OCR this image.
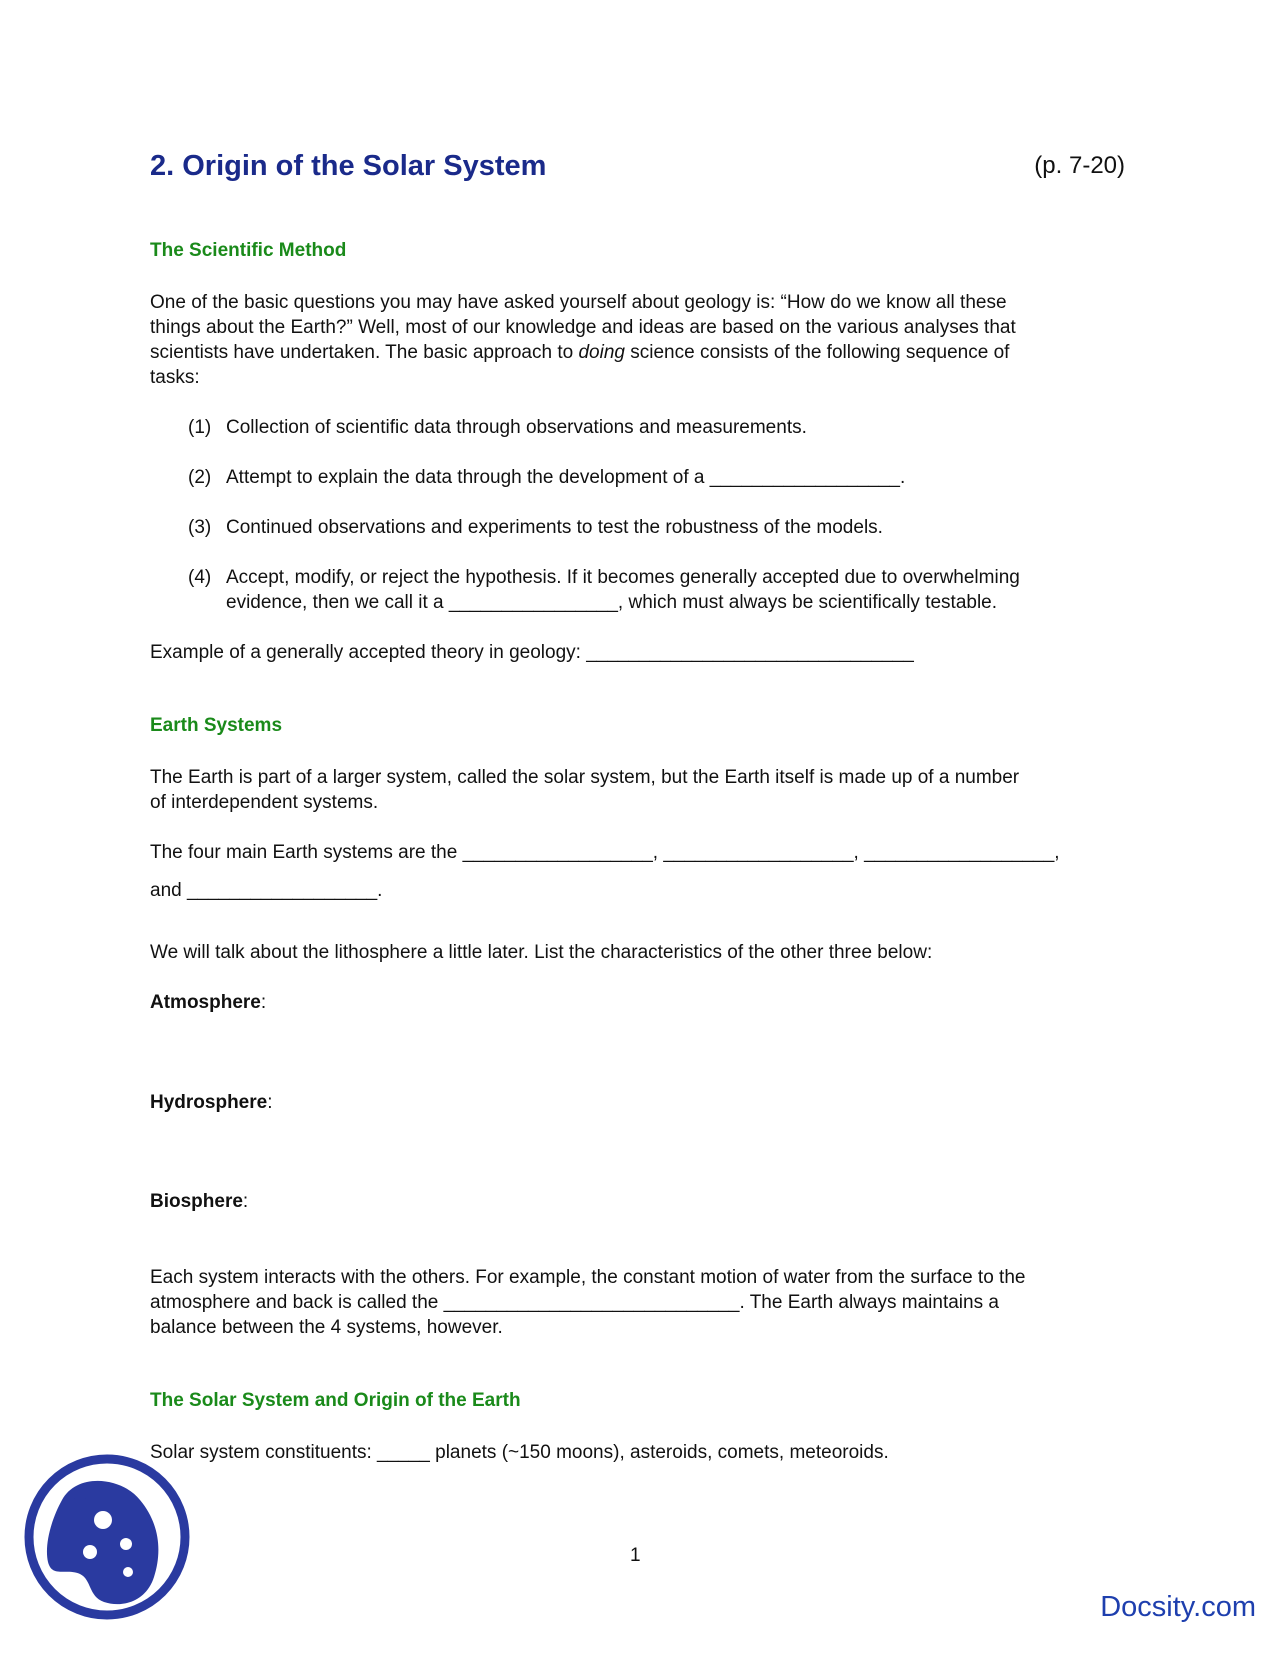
2. Origin of the Solar System	(p. 7-20)
The Scientific Method
One of the basic questions you may have asked yourself about geology is: “How do we know all these
things about the Earth?” Well, most of our knowledge and ideas are based on the various analyses that
scientists have undertaken. The basic approach to doing science consists of the following sequence of
tasks:
(1) Collection of scientific data through observations and measurements.
(2) Attempt to explain the data through the development of a __________________.
(3) Continued observations and experiments to test the robustness of the models.
(4) Accept, modify, or reject the hypothesis. If it becomes generally accepted due to overwhelming
evidence, then we call it a ________________, which must always be scientifically testable.
Example of a generally accepted theory in geology: _______________________________
Earth Systems
The Earth is part of a larger system, called the solar system, but the Earth itself is made up of a number
of interdependent systems.
The four main Earth systems are the __________________, __________________, __________________,
and __________________.
We will talk about the lithosphere a little later. List the characteristics of the other three below:
Atmosphere:
Hydrosphere:
Biosphere:
Each system interacts with the others. For example, the constant motion of water from the surface to the
atmosphere and back is called the ____________________________. The Earth always maintains a
balance between the 4 systems, however.
The Solar System and Origin of the Earth
Solar system constituents: _____ planets (~150 moons), asteroids, comets, meteoroids.
1
Docsity.com
